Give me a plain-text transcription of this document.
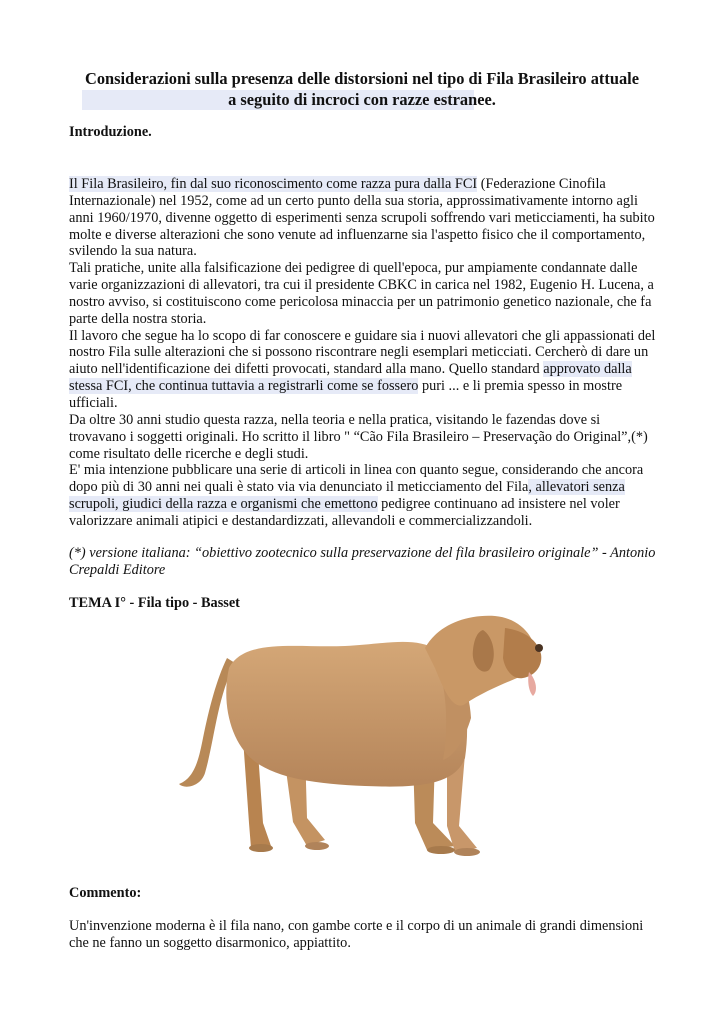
Considerazioni sulla presenza delle distorsioni nel tipo di Fila Brasileiro attuale
a seguito di incroci con razze estranee.
Introduzione.

Il Fila Brasileiro, fin dal suo riconoscimento come razza pura dalla FCI (Federazione Cinofila Internazionale) nel 1952, come ad un certo punto della sua storia, approssimativamente intorno agli anni 1960/1970, divenne oggetto di esperimenti senza scrupoli soffrendo vari meticciamenti, ha subito molte e diverse alterazioni che sono venute ad influenzarne sia l'aspetto fisico che il comportamento, svilendo la sua natura.

Tali pratiche, unite alla falsificazione dei pedigree di quell'epoca, pur ampiamente condannate dalle varie organizzazioni di allevatori, tra cui il presidente CBKC in carica nel 1982, Eugenio H. Lucena, a nostro avviso, si costituiscono come pericolosa minaccia per un patrimonio genetico nazionale, che fa parte della nostra storia.

Il lavoro che segue ha lo scopo di far conoscere e guidare sia i nuovi allevatori che gli appassionati del nostro Fila sulle alterazioni che si possono riscontrare negli esemplari meticciati. Cercherò di dare un aiuto nell'identificazione dei difetti provocati, standard alla mano. Quello standard approvato dalla stessa FCI, che continua tuttavia a registrarli come se fossero puri ... e li premia spesso in mostre ufficiali.

Da oltre 30 anni studio questa razza, nella teoria e nella pratica, visitando le fazendas dove si trovavano i soggetti originali. Ho scritto il libro " “Cão Fila Brasileiro – Preservação do Original”,(*) come risultato delle ricerche e degli studi.

E' mia intenzione pubblicare una serie di articoli in linea con quanto segue, considerando che ancora dopo più di 30 anni nei quali è stato via via denunciato il meticciamento del Fila, allevatori senza scrupoli, giudici della razza e organismi che emettono pedigree continuano ad insistere nel voler valorizzare animali atipici e destandardizzati, allevandoli e commercializzandoli.

(*) versione italiana: “obiettivo zootecnico sulla preservazione del fila brasileiro originale” - Antonio Crepaldi Editore
TEMA I° - Fila tipo - Basset
Commento:
Un'invenzione moderna è il fila nano, con gambe corte e il corpo di un animale di grandi dimensioni che ne fanno un soggetto disarmonico, appiattito.
